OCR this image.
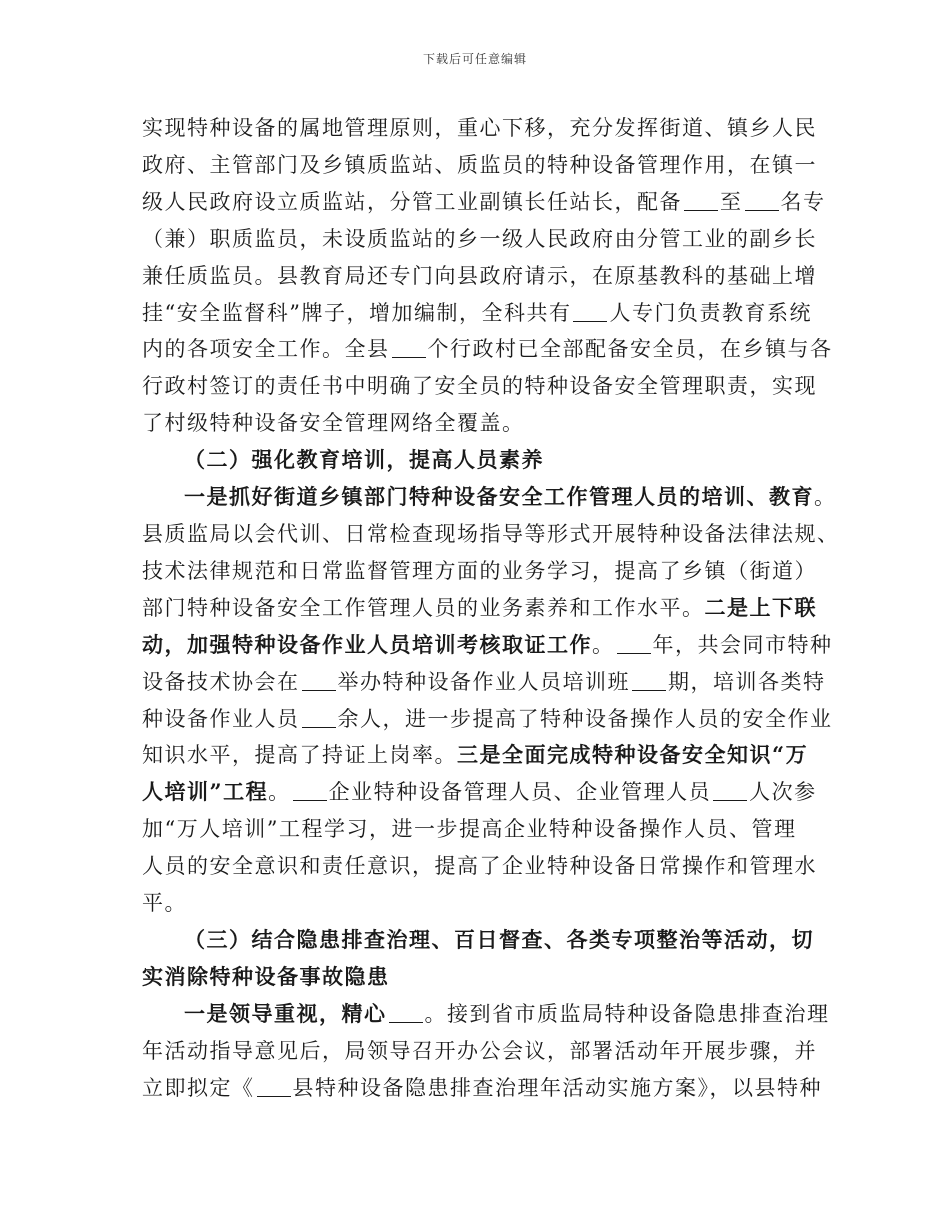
下载后可任意编辑
实现特种设备的属地管理原则，重心下移，充分发挥街道、镇乡人民
政府、主管部门及乡镇质监站、质监员的特种设备管理作用，在镇一
级人民政府设立质监站，分管工业副镇长任站长，配备 至 名专
（兼）职质监员，未设质监站的乡一级人民政府由分管工业的副乡长
兼任质监员。县教育局还专门向县政府请示，在原基教科的基础上增
挂“安全监督科”牌子，增加编制，全科共有 人专门负责教育系统
内的各项安全工作。全县 个行政村已全部配备安全员，在乡镇与各
行政村签订的责任书中明确了安全员的特种设备安全管理职责，实现
了村级特种设备安全管理网络全覆盖。
（二）强化教育培训，提高人员素养
一是抓好街道乡镇部门特种设备安全工作管理人员的培训、教育。
县质监局以会代训、日常检查现场指导等形式开展特种设备法律法规、
技术法律规范和日常监督管理方面的业务学习，提高了乡镇（街道）
部门特种设备安全工作管理人员的业务素养和工作水平。二是上下联
动，加强特种设备作业人员培训考核取证工作。 年，共会同市特种
设备技术协会在 举办特种设备作业人员培训班 期，培训各类特
种设备作业人员 余人，进一步提高了特种设备操作人员的安全作业
知识水平，提高了持证上岗率。三是全面完成特种设备安全知识“万
人培训”工程。 企业特种设备管理人员、企业管理人员 人次参
加“万人培训”工程学习，进一步提高企业特种设备操作人员、管理
人员的安全意识和责任意识，提高了企业特种设备日常操作和管理水
平。
（三）结合隐患排查治理、百日督查、各类专项整治等活动，切
实消除特种设备事故隐患
一是领导重视，精心 。接到省市质监局特种设备隐患排查治理
年活动指导意见后，局领导召开办公会议，部署活动年开展步骤，并
立即拟定《 县特种设备隐患排查治理年活动实施方案》，以县特种
